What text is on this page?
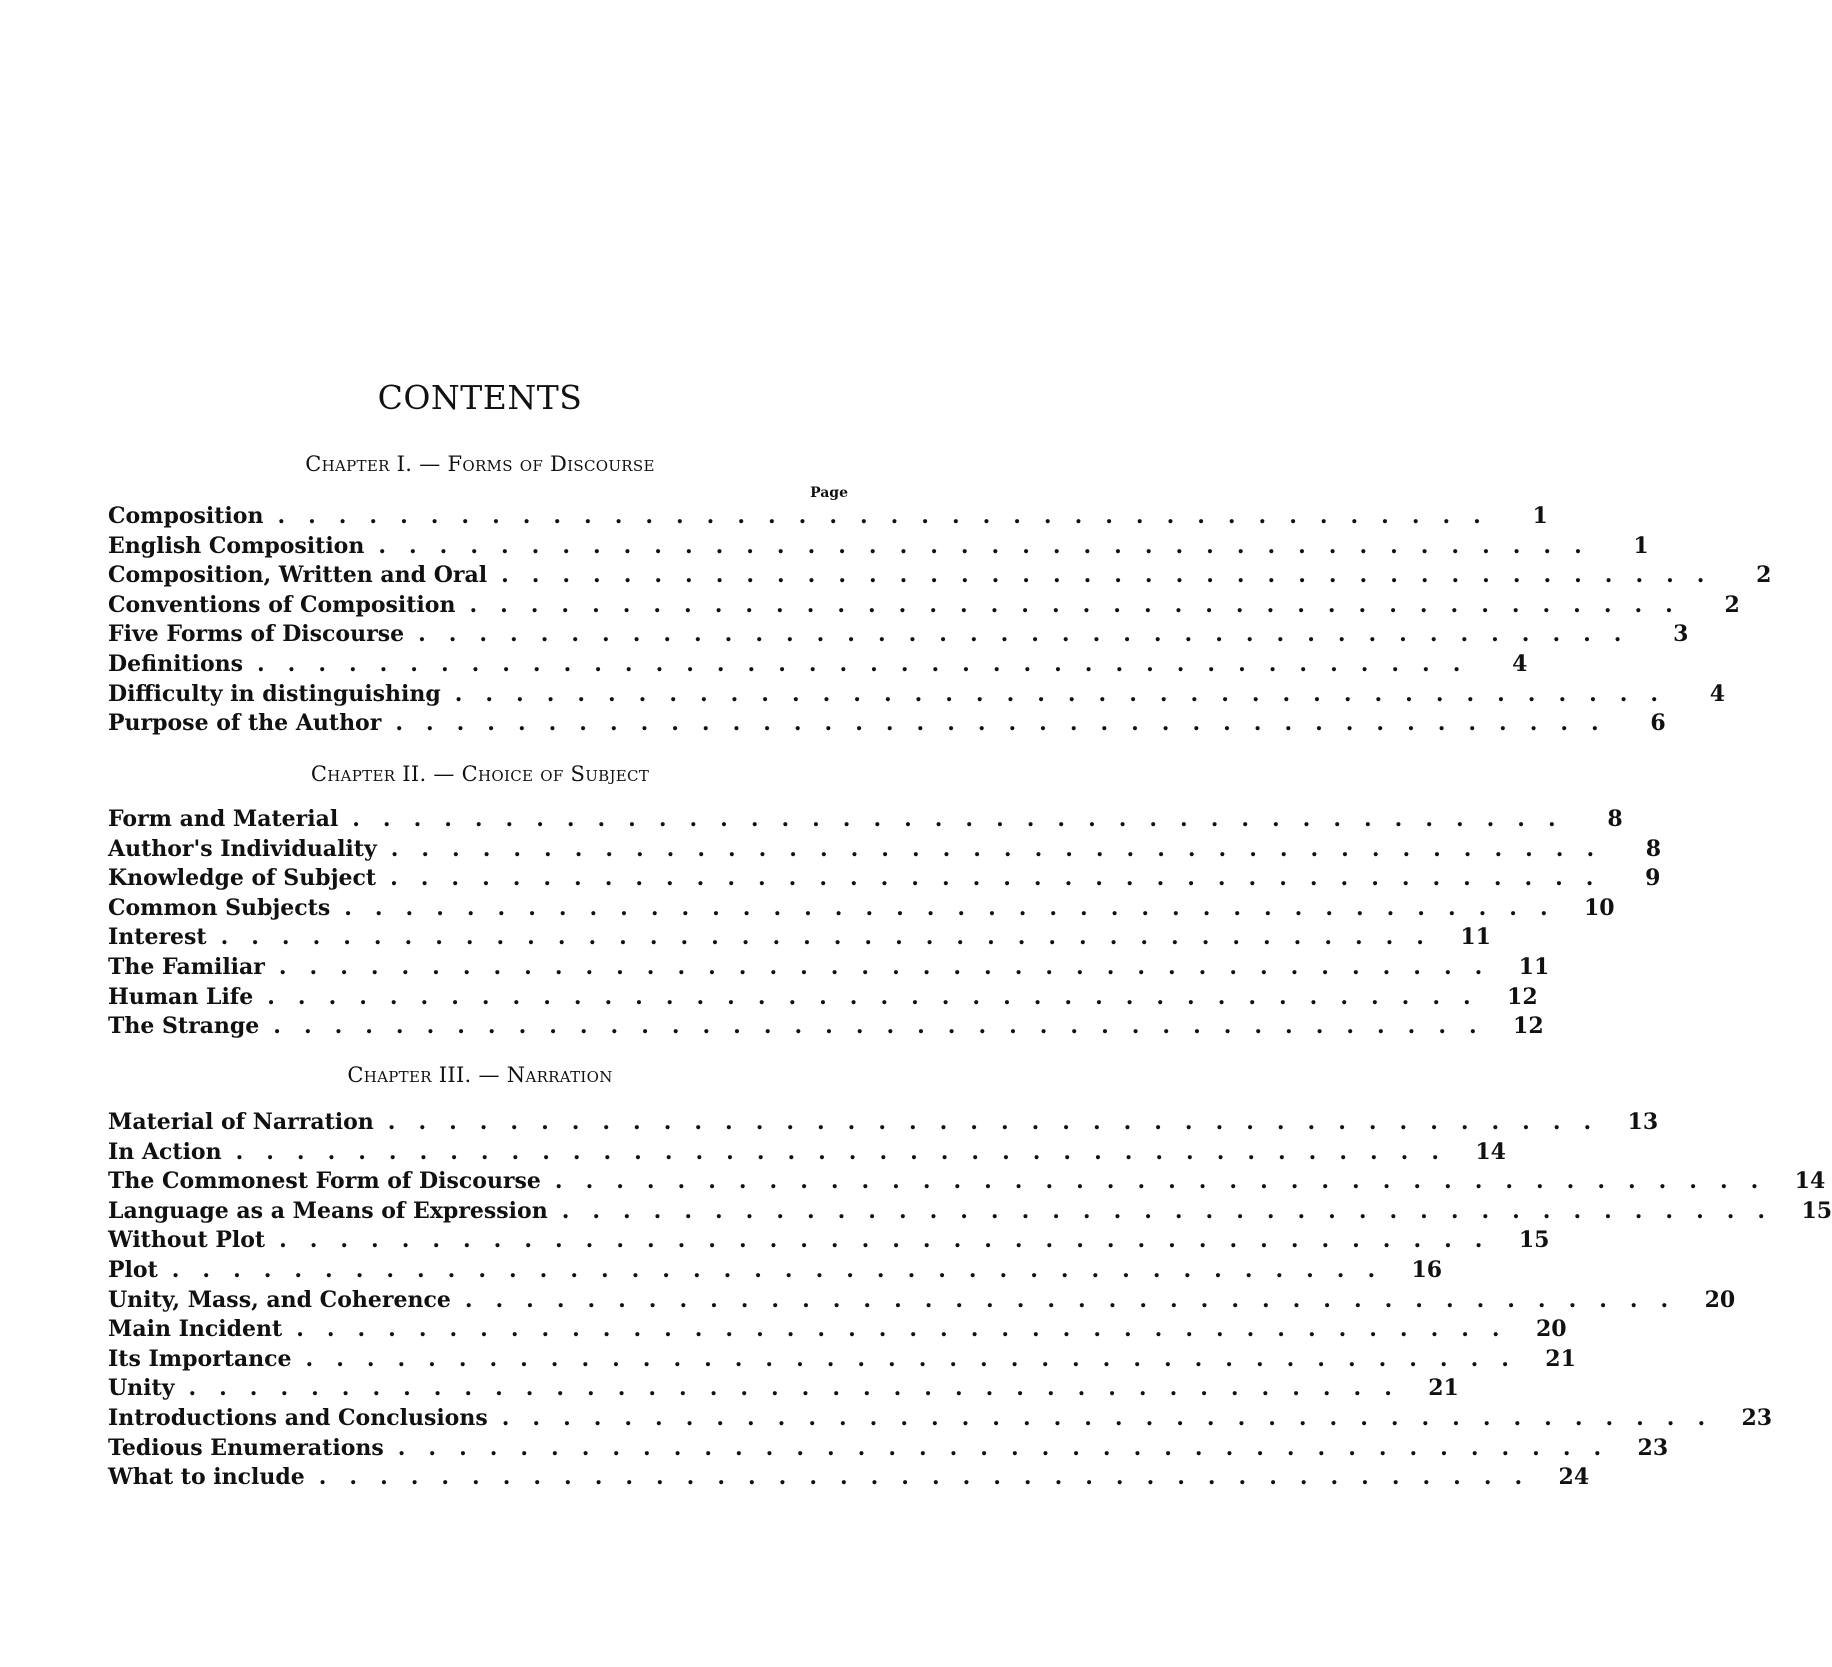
CONTENTS
Chapter I. — Forms of Discourse
Page
Composition ........................................	1
English Composition ........................................	1
Composition, Written and Oral ........................................	2
Conventions of Composition ........................................	2
Five Forms of Discourse ........................................	3
Definitions ........................................	4
Difficulty in distinguishing ........................................	4
Purpose of the Author ........................................	6
Chapter II. — Choice of Subject
Form and Material ........................................	8
Author's Individuality ........................................	8
Knowledge of Subject ........................................	9
Common Subjects ........................................ 10
Interest ........................................ 11
The Familiar ........................................ 11
Human Life ........................................ 12
The Strange ........................................ 12
Chapter III. — Narration
Material of Narration ........................................ 13
In Action ........................................ 14
The Commonest Form of Discourse ........................................ 14
Language as a Means of Expression ........................................ 15
Without Plot ........................................ 15
Plot ........................................ 16
Unity, Mass, and Coherence ........................................ 20
Main Incident ........................................ 20
Its Importance ........................................ 21
Unity ........................................ 21
Introductions and Conclusions ........................................ 23
Tedious Enumerations ........................................ 23
What to include ........................................ 24
